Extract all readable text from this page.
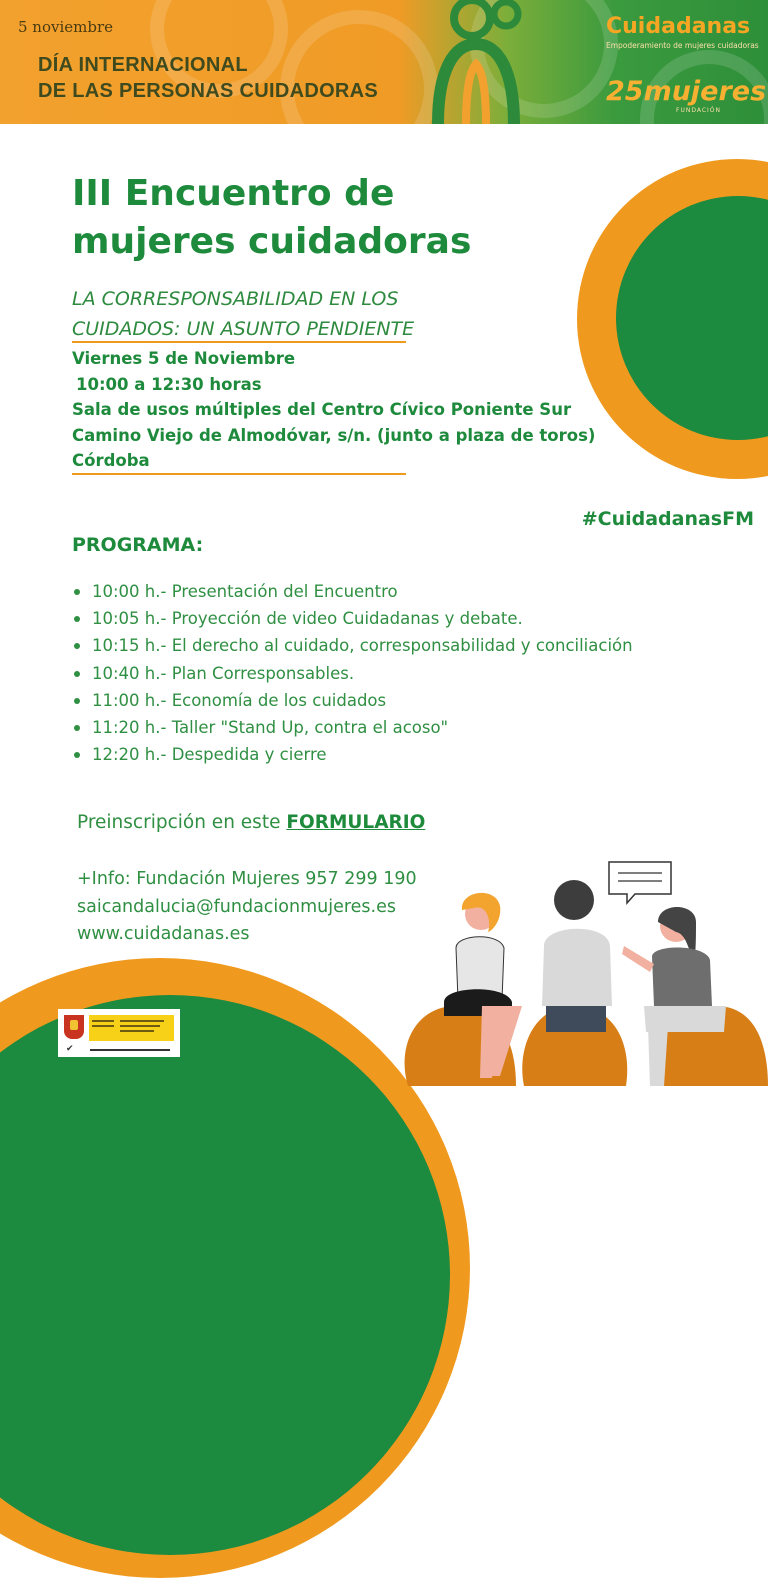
5 noviembre
DÍA INTERNACIONAL
DE LAS PERSONAS CUIDADORAS
Cuidadanas
Empoderamiento de mujeres cuidadoras
25mujeres
FUNDACIÓN
III Encuentro de
mujeres cuidadoras
LA CORRESPONSABILIDAD EN LOS
CUIDADOS: UN ASUNTO PENDIENTE
Viernes 5 de Noviembre
10:00 a 12:30 horas
Sala de usos múltiples del Centro Cívico Poniente Sur
Camino Viejo de Almodóvar, s/n. (junto a plaza de toros)
Córdoba
#CuidadanasFM
PROGRAMA:
10:00 h.- Presentación del Encuentro
10:05 h.- Proyección de video Cuidadanas y debate.
10:15 h.- El derecho al cuidado, corresponsabilidad y conciliación
10:40 h.- Plan Corresponsables.
11:00 h.- Economía de los cuidados
11:20 h.- Taller "Stand Up, contra el acoso"
12:20 h.- Despedida y cierre
Preinscripción en este FORMULARIO
+Info: Fundación Mujeres 957 299 190
saicandalucia@fundacionmujeres.es
www.cuidadanas.es
✔
